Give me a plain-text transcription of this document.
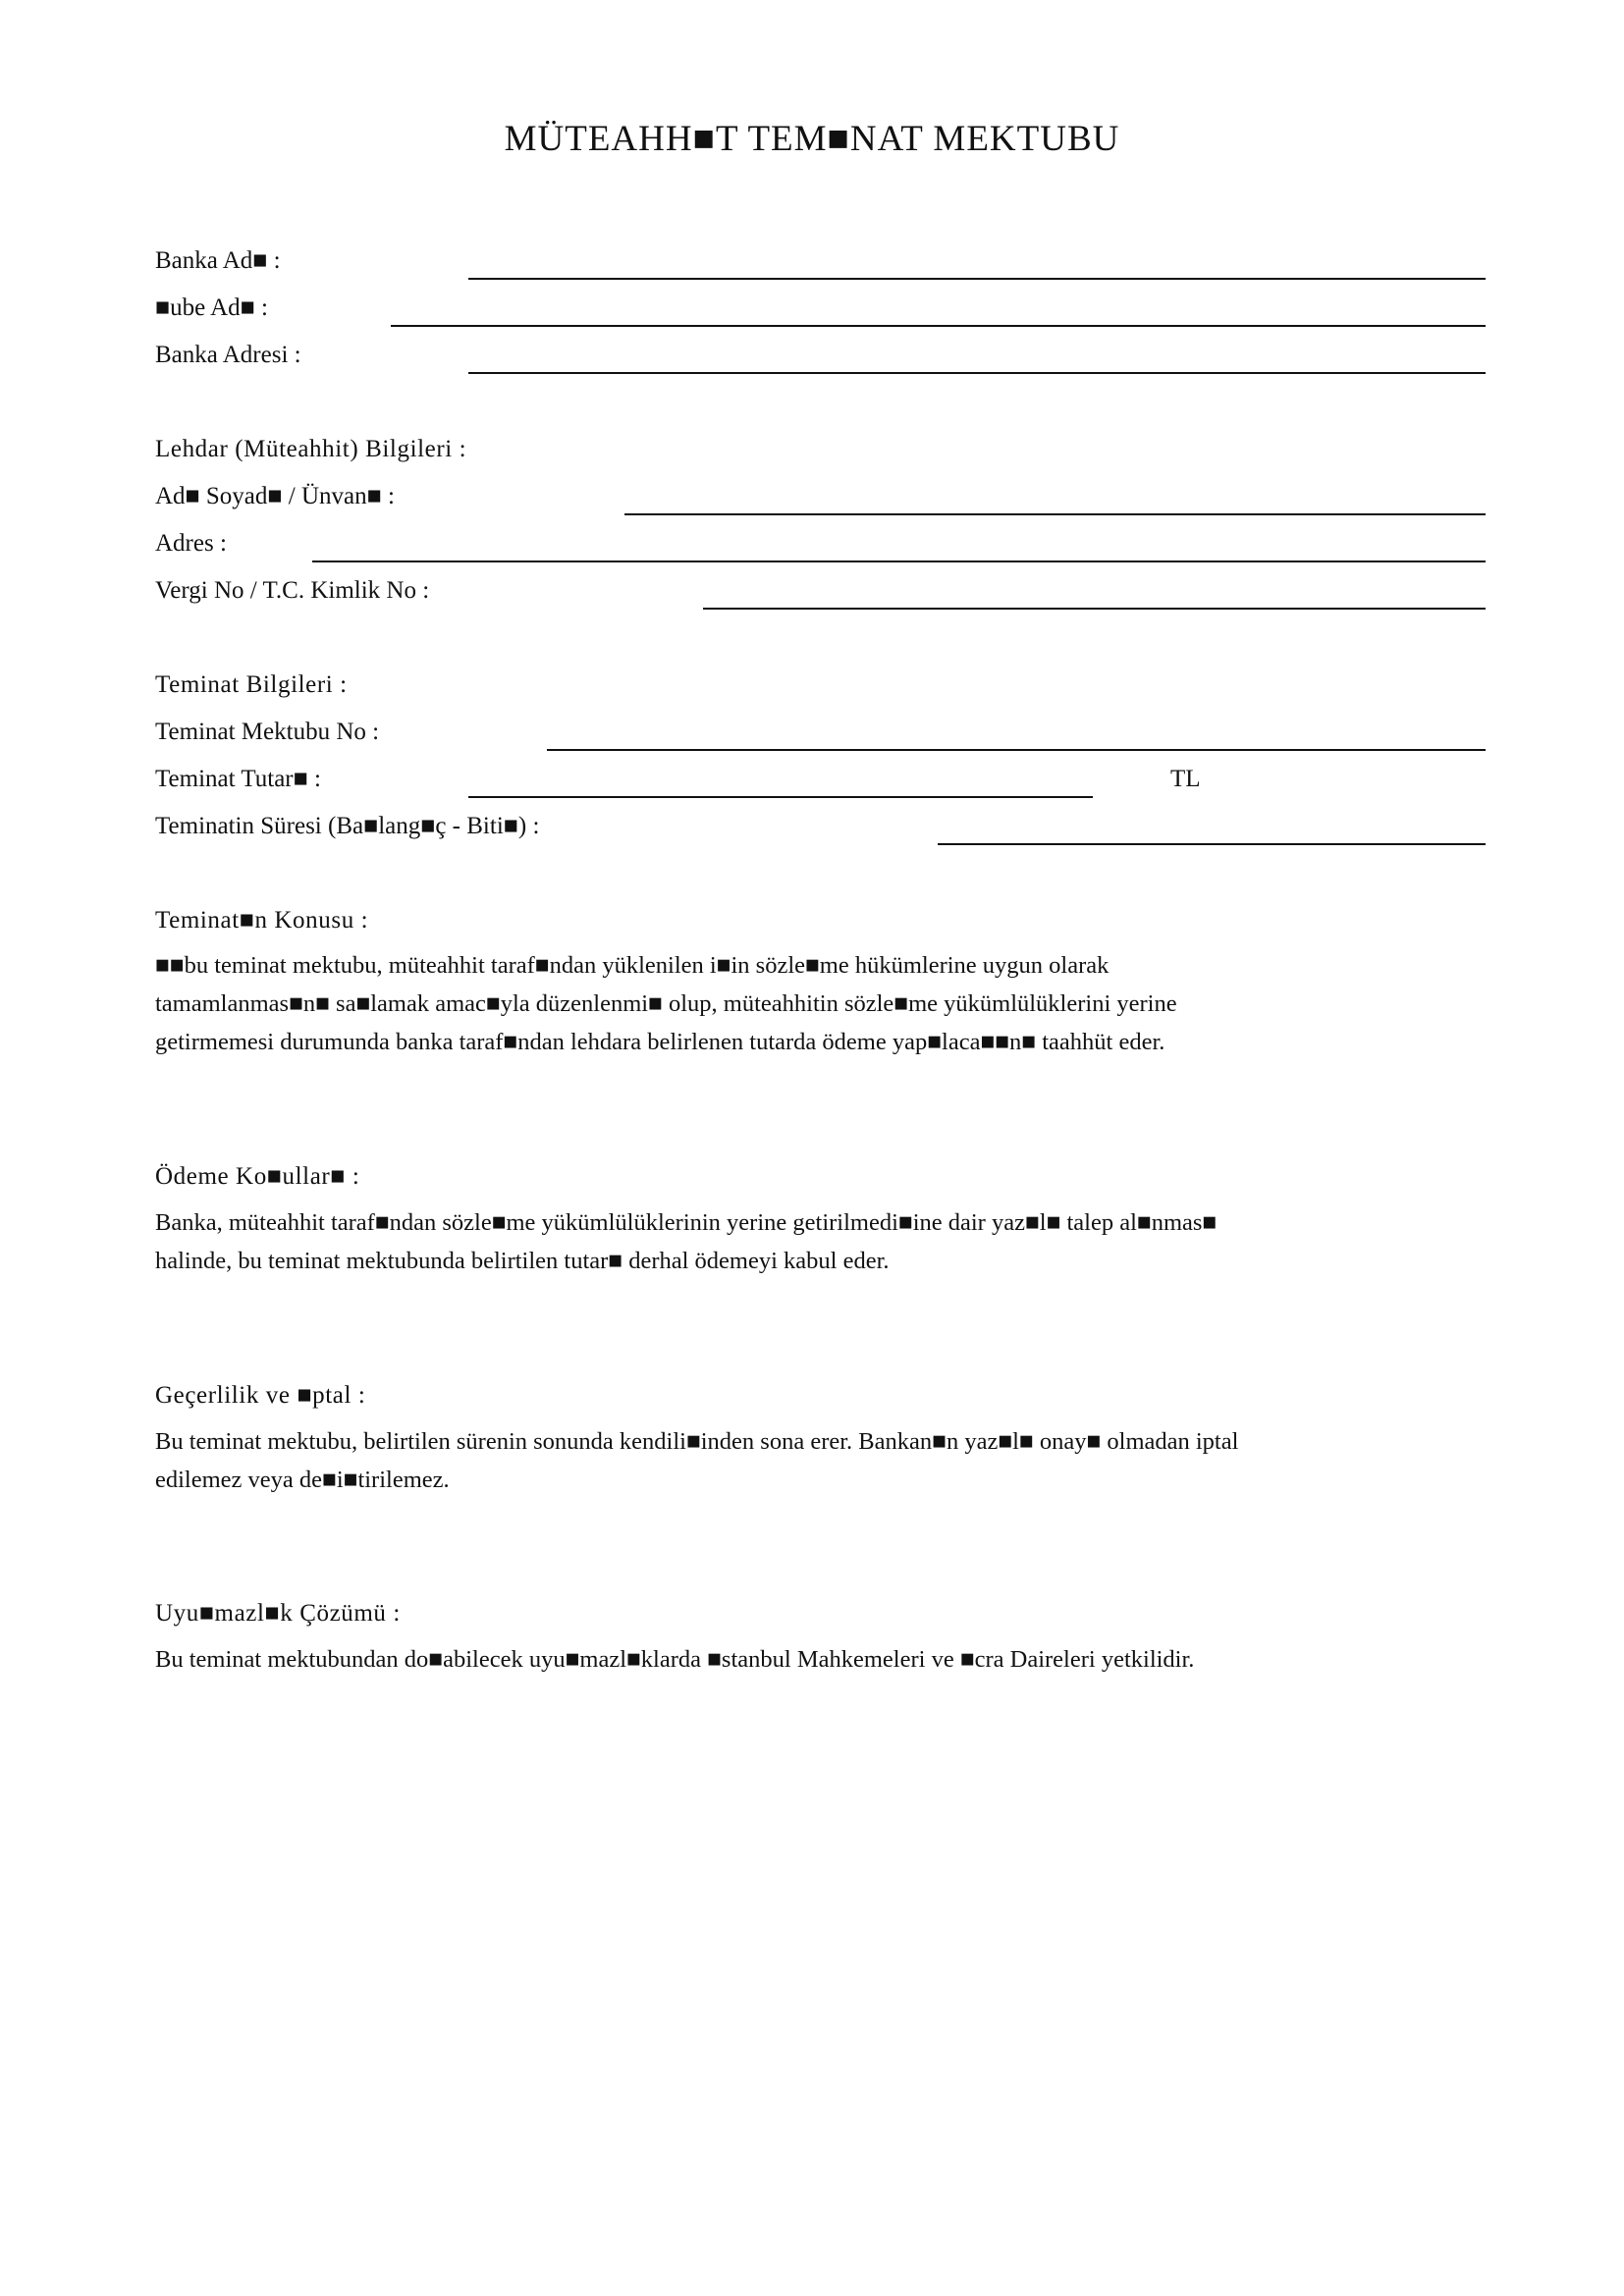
MÜTEAHH■T TEM■NAT MEKTUBU
Banka Ad■ :
■ube Ad■ :
Banka Adresi :
Lehdar (Müteahhit) Bilgileri :
Ad■ Soyad■ / Ünvan■ :
Adres :
Vergi No / T.C. Kimlik No :
Teminat Bilgileri :
Teminat Mektubu No :
Teminat Tutar■ :	TL
Teminatin Süresi (Ba■lang■ç - Biti■) :
Teminat■n Konusu :
■■bu teminat mektubu, müteahhit taraf■ndan yüklenilen i■in sözle■me hükümlerine uygun olarak
tamamlanmas■n■ sa■lamak amac■yla düzenlenmi■ olup, müteahhitin sözle■me yükümlülüklerini yerine
getirmemesi durumunda banka taraf■ndan lehdara belirlenen tutarda ödeme yap■laca■■n■ taahhüt eder.
Ödeme Ko■ullar■ :
Banka, müteahhit taraf■ndan sözle■me yükümlülüklerinin yerine getirilmedi■ine dair yaz■l■ talep al■nmas■
halinde, bu teminat mektubunda belirtilen tutar■ derhal ödemeyi kabul eder.
Geçerlilik ve ■ptal :
Bu teminat mektubu, belirtilen sürenin sonunda kendili■inden sona erer. Bankan■n yaz■l■ onay■ olmadan iptal
edilemez veya de■i■tirilemez.
Uyu■mazl■k Çözümü :
Bu teminat mektubundan do■abilecek uyu■mazl■klarda ■stanbul Mahkemeleri ve ■cra Daireleri yetkilidir.
